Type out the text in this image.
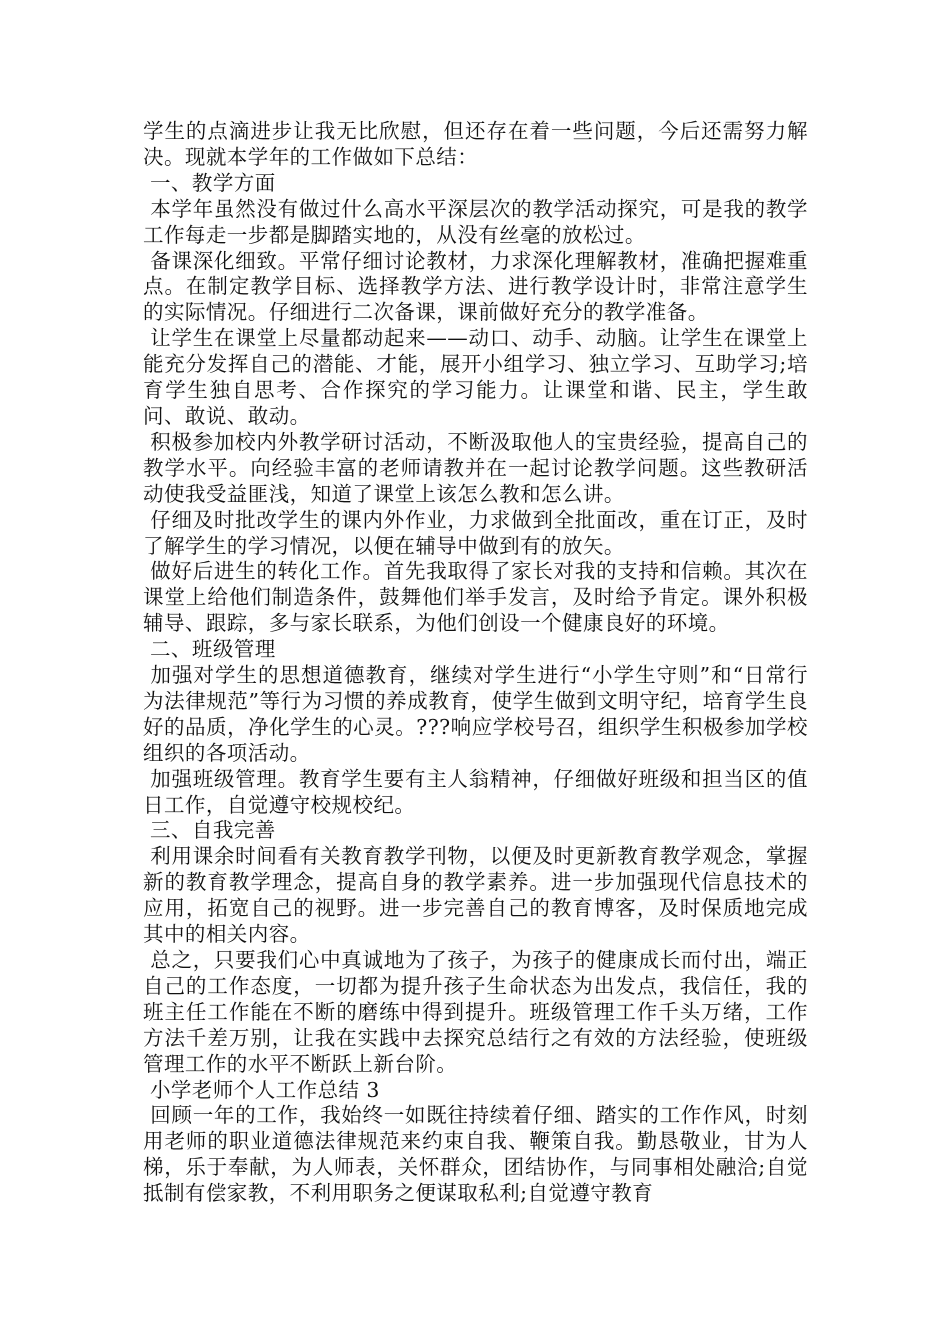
学生的点滴进步让我无比欣慰，但还存在着一些问题，今后还需努力解决。现就本学年的工作做如下总结：

一、教学方面

本学年虽然没有做过什么高水平深层次的教学活动探究，可是我的教学工作每走一步都是脚踏实地的，从没有丝毫的放松过。

备课深化细致。平常仔细讨论教材，力求深化理解教材，准确把握难重点。在制定教学目标、选择教学方法、进行教学设计时，非常注意学生的实际情况。仔细进行二次备课，课前做好充分的教学准备。

让学生在课堂上尽量都动起来——动口、动手、动脑。让学生在课堂上能充分发挥自己的潜能、才能，展开小组学习、独立学习、互助学习;培育学生独自思考、合作探究的学习能力。让课堂和谐、民主，学生敢问、敢说、敢动。

积极参加校内外教学研讨活动，不断汲取他人的宝贵经验，提高自己的教学水平。向经验丰富的老师请教并在一起讨论教学问题。这些教研活动使我受益匪浅，知道了课堂上该怎么教和怎么讲。

仔细及时批改学生的课内外作业，力求做到全批面改，重在订正，及时了解学生的学习情况，以便在辅导中做到有的放矢。

做好后进生的转化工作。首先我取得了家长对我的支持和信赖。其次在课堂上给他们制造条件，鼓舞他们举手发言，及时给予肯定。课外积极辅导、跟踪，多与家长联系，为他们创设一个健康良好的环境。

二、班级管理

加强对学生的思想道德教育，继续对学生进行“小学生守则”和“日常行为法律规范”等行为习惯的养成教育，使学生做到文明守纪，培育学生良好的品质，净化学生的心灵。???响应学校号召，组织学生积极参加学校组织的各项活动。

加强班级管理。教育学生要有主人翁精神，仔细做好班级和担当区的值日工作，自觉遵守校规校纪。

三、自我完善

利用课余时间看有关教育教学刊物，以便及时更新教育教学观念，掌握新的教育教学理念，提高自身的教学素养。进一步加强现代信息技术的应用，拓宽自己的视野。进一步完善自己的教育博客，及时保质地完成其中的相关内容。

总之，只要我们心中真诚地为了孩子，为孩子的健康成长而付出，端正自己的工作态度，一切都为提升孩子生命状态为出发点，我信任，我的班主任工作能在不断的磨练中得到提升。班级管理工作千头万绪，工作方法千差万别，让我在实践中去探究总结行之有效的方法经验，使班级管理工作的水平不断跃上新台阶。

小学老师个人工作总结 3

回顾一年的工作，我始终一如既往持续着仔细、踏实的工作作风，时刻用老师的职业道德法律规范来约束自我、鞭策自我。勤恳敬业，甘为人梯，乐于奉献，为人师表，关怀群众，团结协作，与同事相处融洽;自觉抵制有偿家教，不利用职务之便谋取私利;自觉遵守教育
